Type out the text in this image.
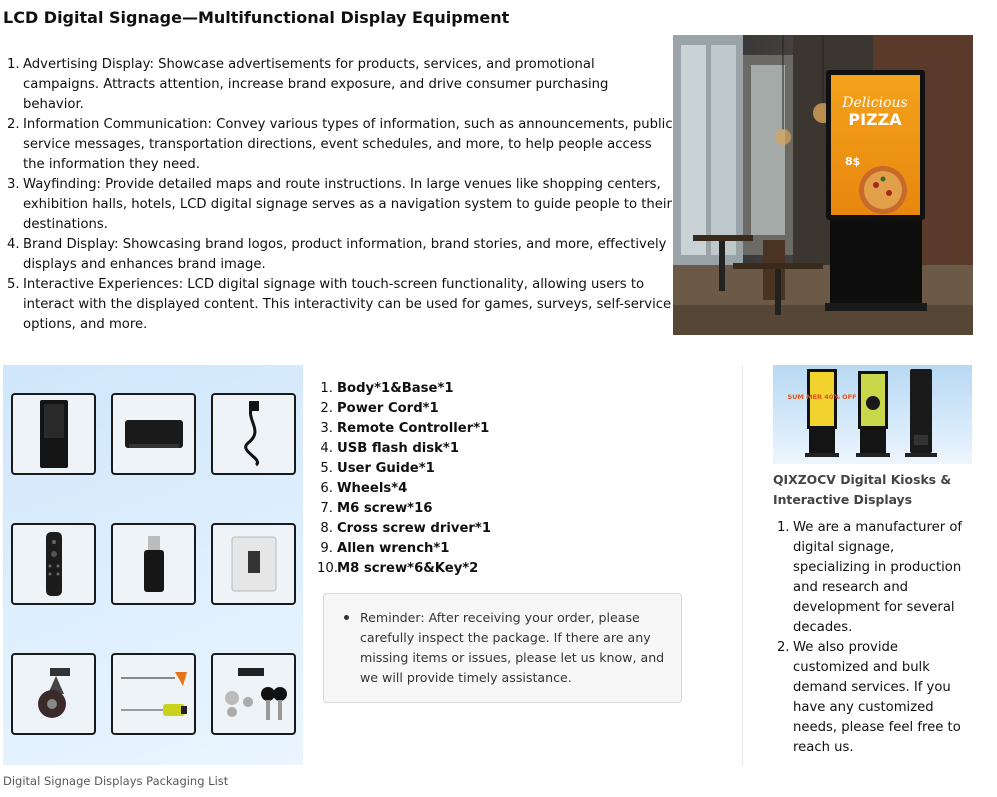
LCD Digital Signage—Multifunctional Display Equipment
1. Advertising Display: Showcase advertisements for products, services, and promotional campaigns. Attracts attention, increase brand exposure, and drive consumer purchasing behavior.
2. Information Communication: Convey various types of information, such as announcements, public service messages, transportation directions, event schedules, and more, to help people access the information they need.
3. Wayfinding: Provide detailed maps and route instructions. In large venues like shopping centers, exhibition halls, hotels, LCD digital signage serves as a navigation system to guide people to their destinations.
4. Brand Display: Showcasing brand logos, product information, brand stories, and more, effectively displays and enhances brand image.
5. Interactive Experiences: LCD digital signage with touch-screen functionality, allowing users to interact with the displayed content. This interactivity can be used for games, surveys, self-service options, and more.
Delicious
PIZZA
8$
Digital Signage Displays Packaging List
1. Body*1&Base*1
2. Power Cord*1
3. Remote Controller*1
4. USB flash disk*1
5. User Guide*1
6. Wheels*4
7. M6 screw*16
8. Cross screw driver*1
9. Allen wrench*1
10. M8 screw*6&Key*2
Reminder: After receiving your order, please carefully inspect the package. If there are any missing items or issues, please let us know, and we will provide timely assistance.
SUM MER 40% OFF
QIXZOCV Digital Kiosks & Interactive Displays
1. We are a manufacturer of digital signage, specializing in production and research and development for several decades.
2. We also provide customized and bulk demand services. If you have any customized needs, please feel free to reach us.
